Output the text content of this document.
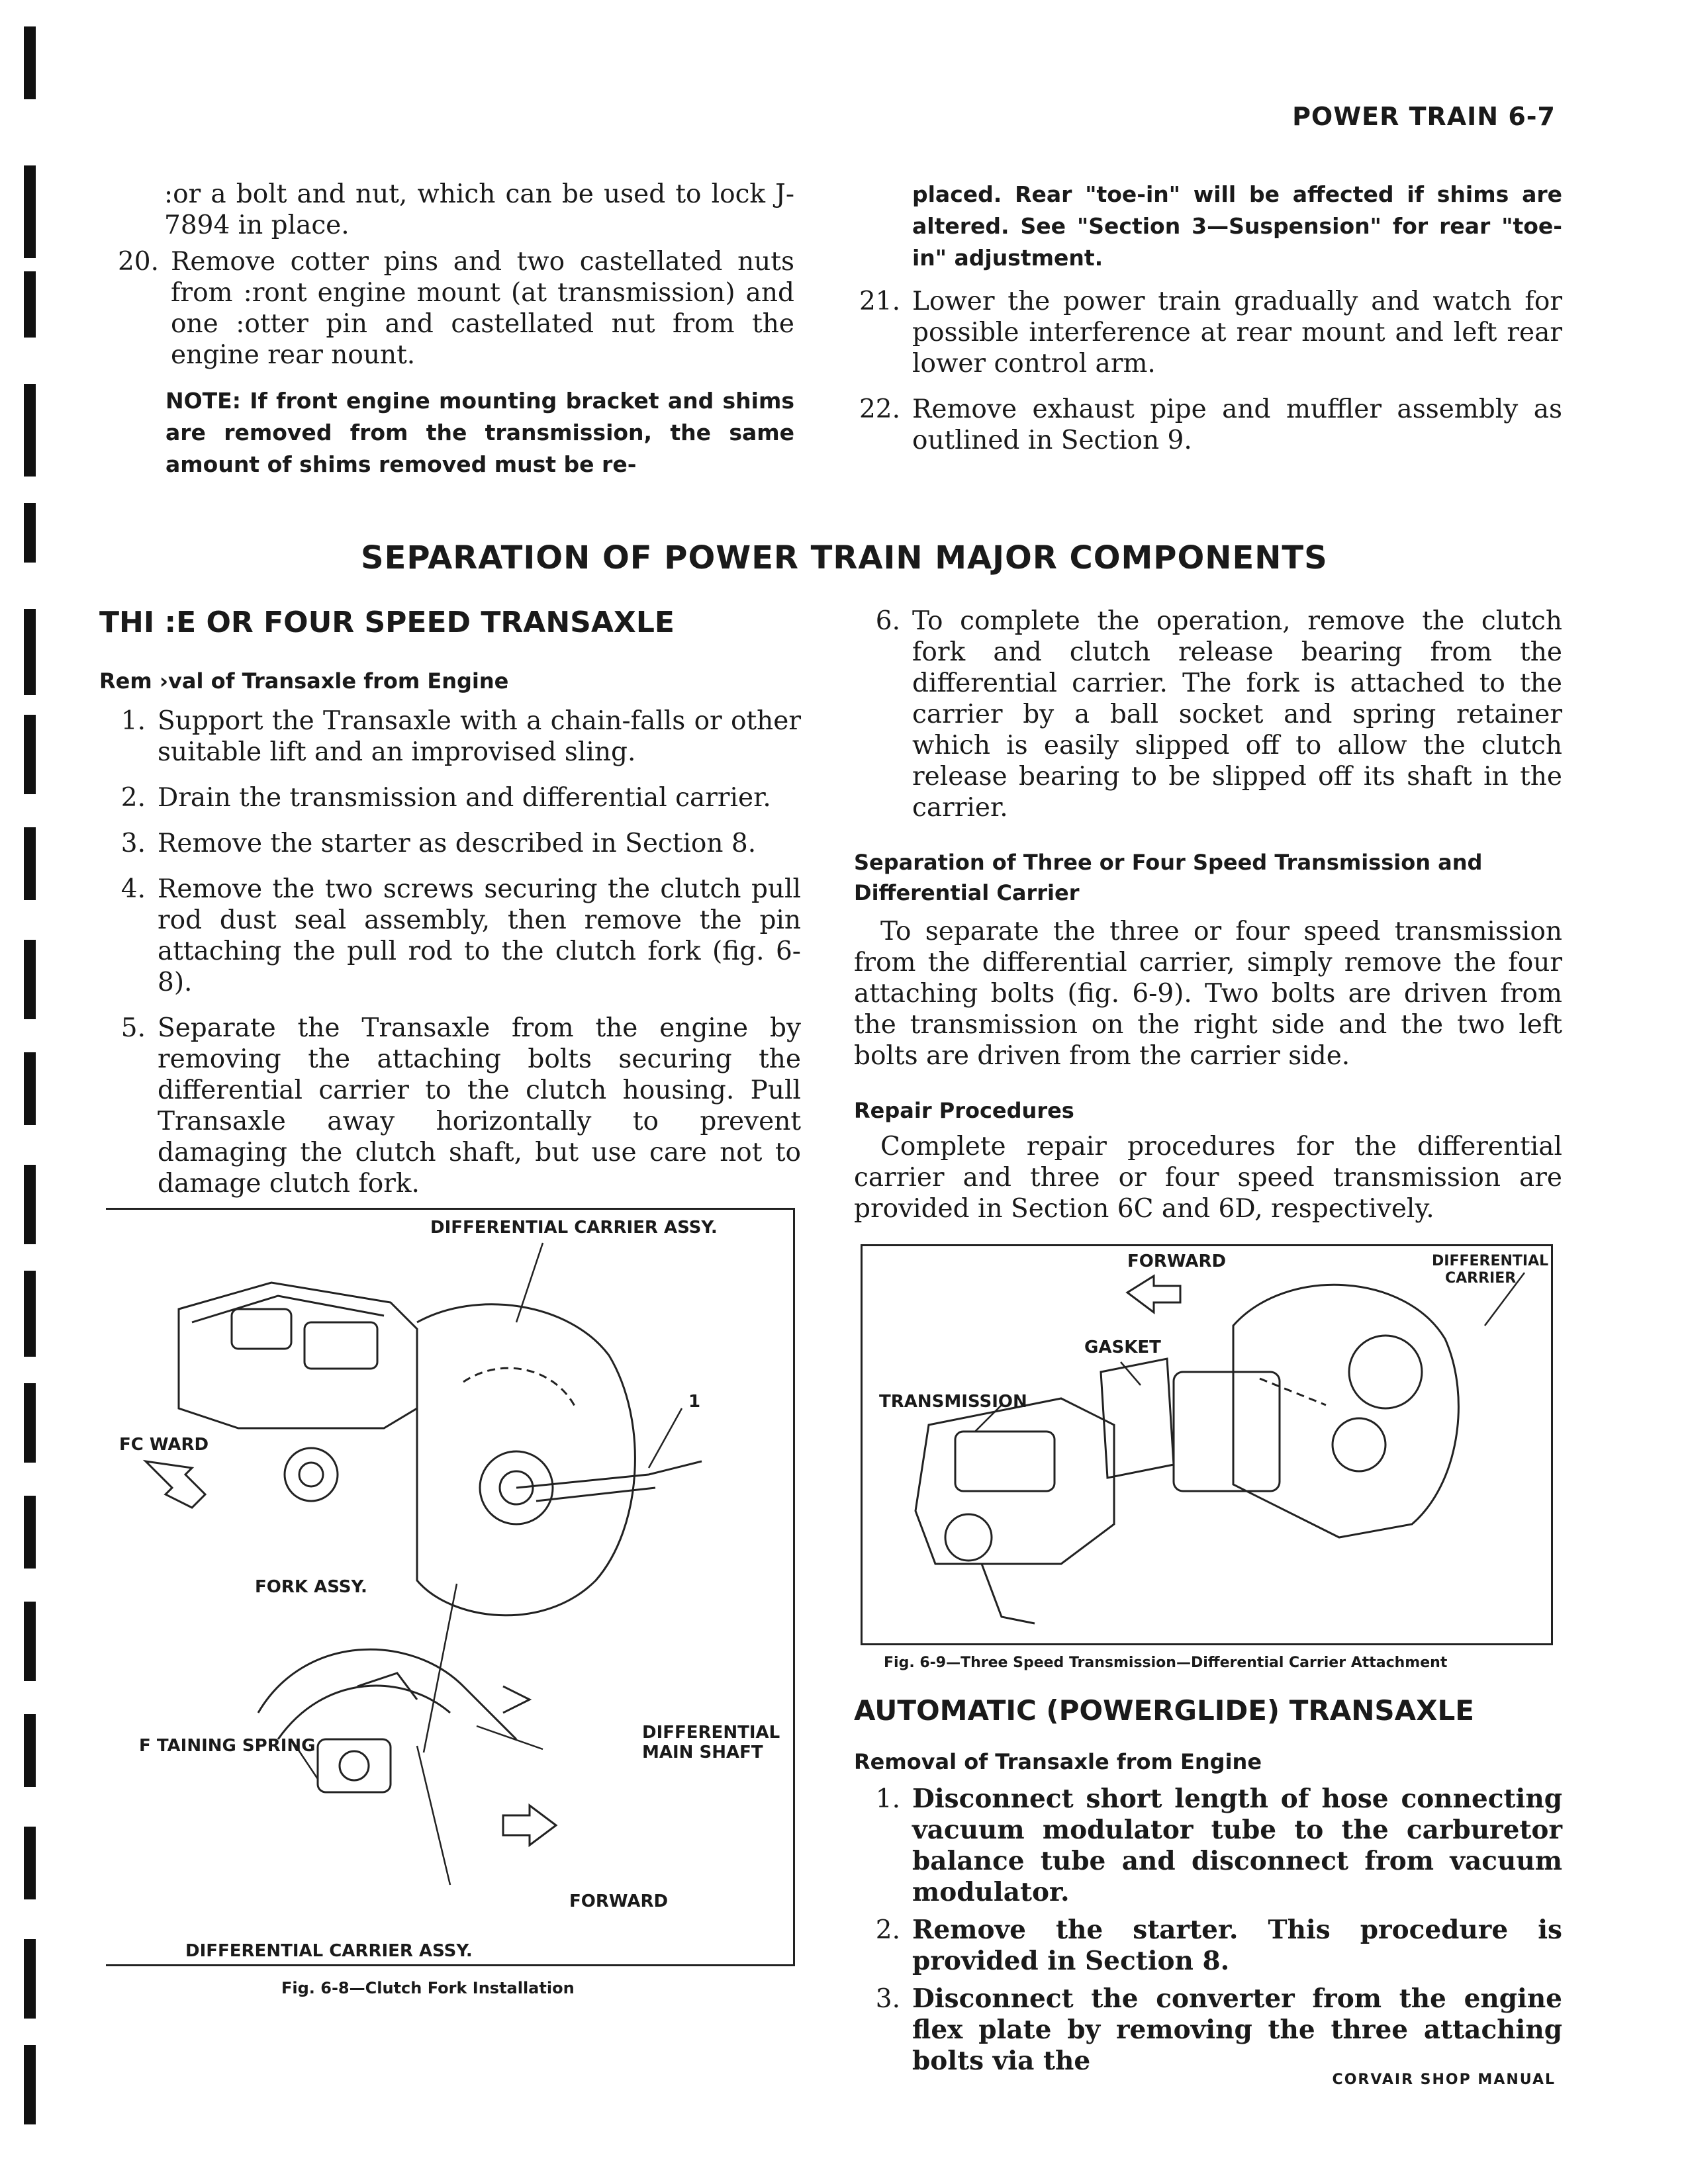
POWER TRAIN 6-7
:or a bolt and nut, which can be used to lock J-7894 in place.
20. Remove cotter pins and two castellated nuts from :ront engine mount (at transmission) and one :otter pin and castellated nut from the engine rear nount.
NOTE: If front engine mounting bracket and shims are removed from the transmission, the same amount of shims removed must be re-
placed. Rear "toe-in" will be affected if shims are altered. See "Section 3—Suspension" for rear "toe-in" adjustment.
21. Lower the power train gradually and watch for possible interference at rear mount and left rear lower control arm.
22. Remove exhaust pipe and muffler assembly as outlined in Section 9.
SEPARATION OF POWER TRAIN MAJOR COMPONENTS
THI :E OR FOUR SPEED TRANSAXLE
Rem ›val of Transaxle from Engine
1. Support the Transaxle with a chain-falls or other suitable lift and an improvised sling.
2. Drain the transmission and differential carrier.
3. Remove the starter as described in Section 8.
4. Remove the two screws securing the clutch pull rod dust seal assembly, then remove the pin attaching the pull rod to the clutch fork (fig. 6-8).
5. Separate the Transaxle from the engine by removing the attaching bolts securing the differential carrier to the clutch housing. Pull Transaxle away horizontally to prevent damaging the clutch shaft, but use care not to damage clutch fork.
6. To complete the operation, remove the clutch fork and clutch release bearing from the differential carrier. The fork is attached to the carrier by a ball socket and spring retainer which is easily slipped off to allow the clutch release bearing to be slipped off its shaft in the carrier.
Separation of Three or Four Speed Transmission and Differential Carrier
To separate the three or four speed transmission from the differential carrier, simply remove the four attaching bolts (fig. 6-9). Two bolts are driven from the transmission on the right side and the two left bolts are driven from the carrier side.
Repair Procedures
Complete repair procedures for the differential carrier and three or four speed transmission are provided in Section 6C and 6D, respectively.
AUTOMATIC (POWERGLIDE) TRANSAXLE
Removal of Transaxle from Engine
1. Disconnect short length of hose connecting vacuum modulator tube to the carburetor balance tube and disconnect from vacuum modulator.
2. Remove the starter. This procedure is provided in Section 8.
3. Disconnect the converter from the engine flex plate by removing the three attaching bolts via the
DIFFERENTIAL CARRIER ASSY.
1
FC WARD
FORK ASSY.
F TAINING SPRING
DIFFERENTIAL
MAIN SHAFT
FORWARD
DIFFERENTIAL CARRIER ASSY.
Fig. 6-8—Clutch Fork Installation
FORWARD	DIFFERENTIAL
CARRIER
GASKET
TRANSMISSION
Fig. 6-9—Three Speed Transmission—Differential Carrier Attachment
CORVAIR SHOP MANUAL
